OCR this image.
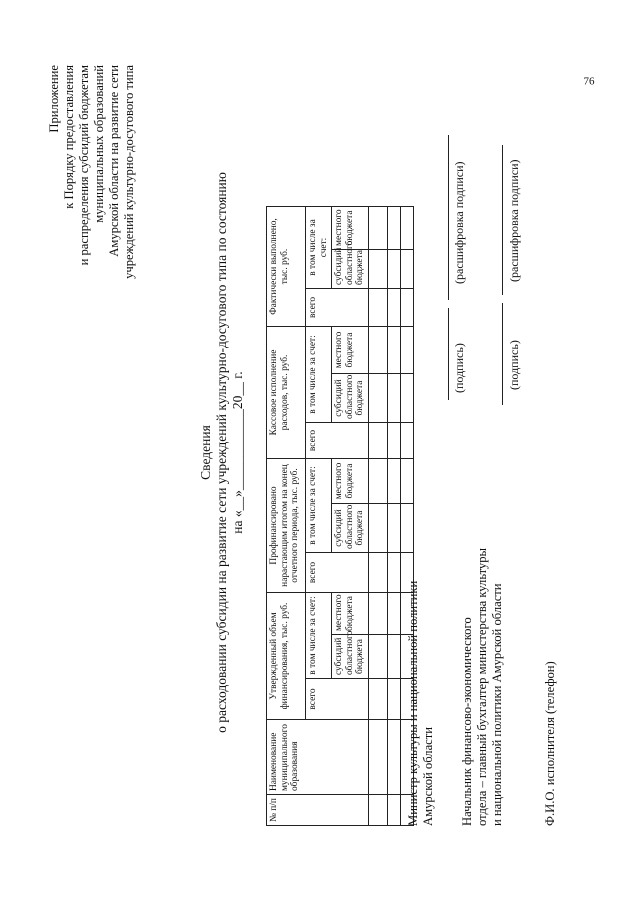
76
Приложение к Порядку предоставления и распределения субсидий бюджетам муниципальных образований Амурской области на развитие сети учреждений культурно-досугового типа
Сведения о расходовании субсидии на развитие сети учреждений культурно-досугового типа по состоянию на «__»____________20__ г.
№ п/п	Наименование муниципального образования	Утвержденный объем финансирования, тыс. руб.			Профинансировано нарастающим итогом на конец отчетного периода, тыс. руб.			Кассовое исполнение расходов, тыс. руб.			Фактически выполнено, тыс. руб.			
		всего	в том числе за счет:		всего	в том числе за счет:		всего	в том числе за счет:		всего	в том числе за счет:		
			субсидий областного бюджета	местного бюджета		субсидий областного бюджета	местного бюджета		субсидий областного бюджета	местного бюджета		субсидий областного бюджета	местного бюджета	

Министр культуры и национальной политики Амурской области Начальник финансово-экономического отдела – главный бухгалтер министерства культуры и национальной политики Амурской области
(подпись)
(расшифровка подписи)
(подпись)
(расшифровка подписи)
Ф.И.О. исполнителя (телефон)
